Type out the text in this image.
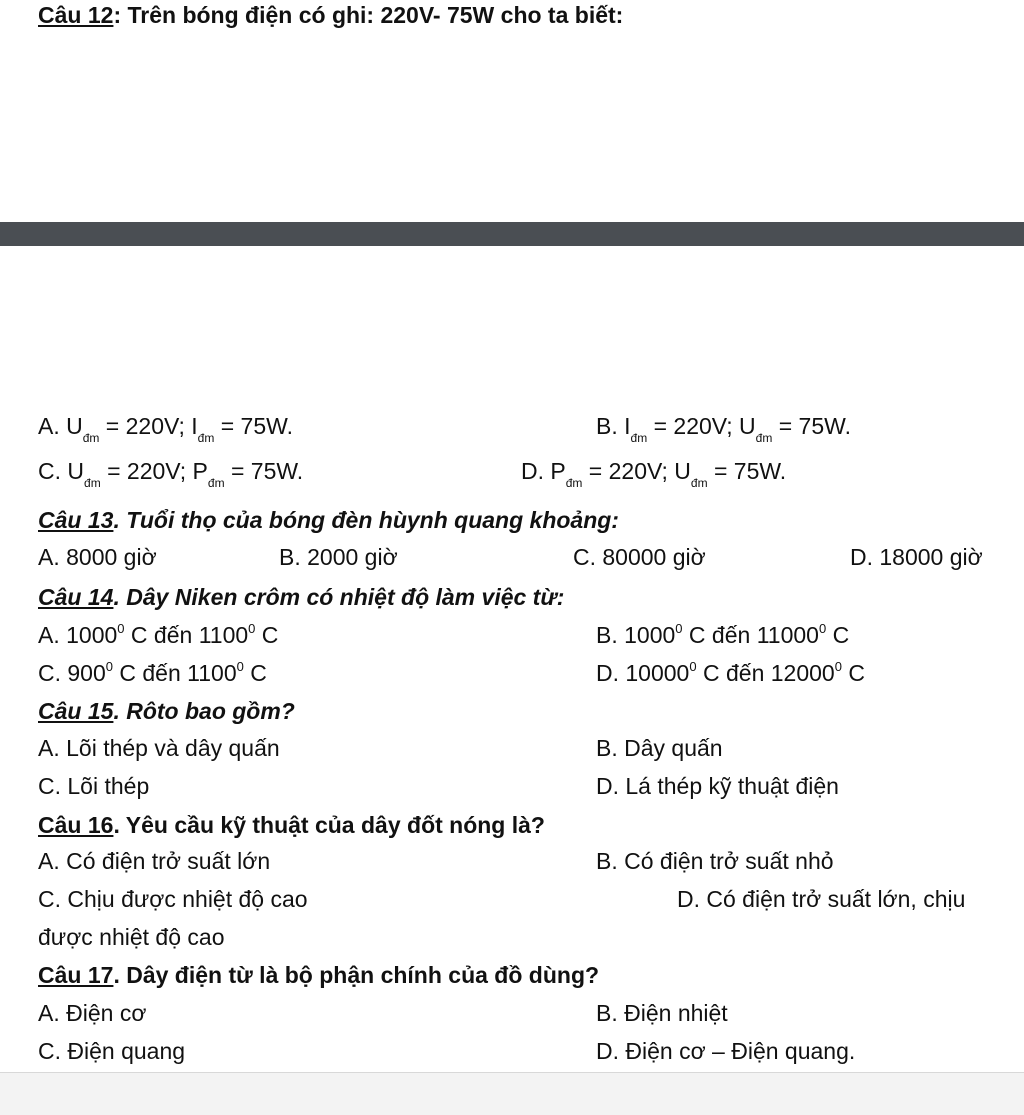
Câu 12: Trên bóng điện có ghi: 220V- 75W cho ta biết:
A. $U_{đm} = 220V$; $I_{đm} = 75W$.	B. $I_{đm} = 220V$; $U_{đm} = 75W$.
C. $U_{đm} = 220V$; $P_{đm} = 75W$.	D. $P_{đm} = 220V$; $U_{đm} = 75W$.
Câu 13. Tuổi thọ của bóng đèn hùynh quang khoảng:
A. 8000 giờ	B. 2000 giờ	C. 80000 giờ	D. 18000 giờ
Câu 14. Dây Niken crôm có nhiệt độ làm việc từ:
A. 1000$^0$ C đến 1100$^0$ C	B. 1000$^0$ C đến 11000$^0$ C
C. $900^0$ C đến 1100$^0$ C	D. 10000$^0$ C đến 12000$^0$ C
Câu 15. Rôto bao gồm?
A. Lõi thép và dây quấn	B. Dây quấn
C. Lõi thép	D. Lá thép kỹ thuật điện
Câu 16. Yêu cầu kỹ thuật của dây đốt nóng là?
A. Có điện trở suất lớn	B. Có điện trở suất nhỏ
C. Chịu được nhiệt độ cao	D. Có điện trở suất lớn, chịu
được nhiệt độ cao
Câu 17. Dây điện từ là bộ phận chính của đồ dùng?
A. Điện cơ	B. Điện nhiệt
C. Điện quang	D. Điện cơ – Điện quang.
